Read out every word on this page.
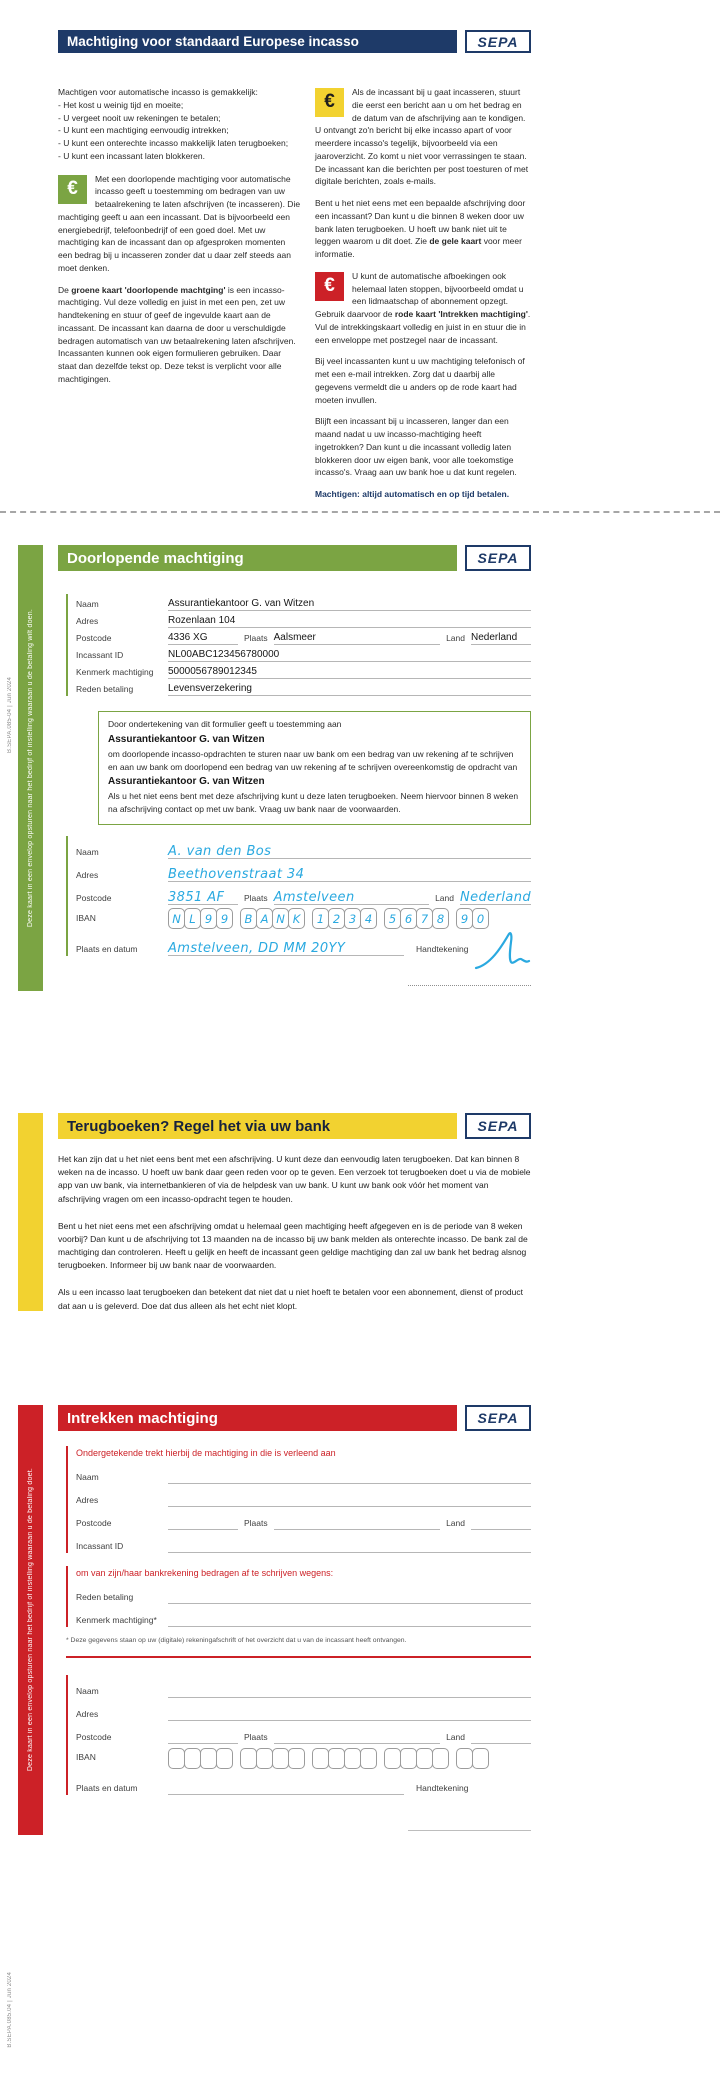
Machtiging voor standaard Europese incasso	SEPA
Machtigen voor automatische incasso is gemakkelijk:
- Het kost u weinig tijd en moeite;
- U vergeet nooit uw rekeningen te betalen;
- U kunt een machtiging eenvoudig intrekken;
- U kunt een onterechte incasso makkelijk laten terugboeken;
- U kunt een incassant laten blokkeren.

€	Met een doorlopende machtiging voor automatische incasso geeft u toestemming om bedragen van uw betaalrekening te laten afschrijven (te incasseren). Die machtiging geeft u aan een incassant. Dat is bijvoorbeeld een energiebedrijf, telefoonbedrijf of een goed doel. Met uw machtiging kan de incassant dan op afgesproken momenten een bedrag bij u incasseren zonder dat u daar zelf steeds aan moet denken.

De groene kaart 'doorlopende machtging' is een incasso-machtiging. Vul deze volledig en juist in met een pen, zet uw handtekening en stuur of geef de ingevulde kaart aan de incassant. De incassant kan daarna de door u verschuldigde bedragen automatisch van uw betaalrekening laten afschrijven. Incassanten kunnen ook eigen formulieren gebruiken. Daar staat dan dezelfde tekst op. Deze tekst is verplicht voor alle machtigingen.

€	Als de incassant bij u gaat incasseren, stuurt die eerst een bericht aan u om het bedrag en de datum van de afschrijving aan te kondigen. U ontvangt zo'n bericht bij elke incasso apart of voor meerdere incasso's tegelijk, bijvoorbeeld via een jaaroverzicht. Zo komt u niet voor verrassingen te staan. De incassant kan die berichten per post toesturen of met digitale berichten, zoals e-mails.

Bent u het niet eens met een bepaalde afschrijving door een incassant? Dan kunt u die binnen 8 weken door uw bank laten terugboeken. U hoeft uw bank niet uit te leggen waarom u dit doet. Zie de gele kaart voor meer informatie.

€	U kunt de automatische afboekingen ook helemaal laten stoppen, bijvoorbeeld omdat u een lidmaatschap of abonnement opzegt. Gebruik daarvoor de rode kaart 'Intrekken machtiging'. Vul de intrekkingskaart volledig en juist in en stuur die in een enveloppe met postzegel naar de incassant.

Bij veel incassanten kunt u uw machtiging telefonisch of met een e-mail intrekken. Zorg dat u daarbij alle gegevens vermeldt die u anders op de rode kaart had moeten invullen.

Blijft een incassant bij u incasseren, langer dan een maand nadat u uw incasso-machtiging heeft ingetrokken? Dan kunt u die incassant volledig laten blokkeren door uw eigen bank, voor alle toekomstige incasso's. Vraag aan uw bank hoe u dat kunt regelen.

Machtigen: altijd automatisch en op tijd betalen.

Deze kaart in een envelop opsturen naar het bedrijf of instelling waaraan u de betaling wilt doen.
B.SEPA.085-04 | Jun 2024
Doorlopende machtiging	SEPA
Naam	Assurantiekantoor G. van Witzen
Adres	Rozenlaan 104
Postcode	4336 XG	Plaats Aalsmeer	Land Nederland
Incassant ID	NL00ABC123456780000
Kenmerk machtiging	5000056789012345
Reden betaling	Levensverzekering
Door ondertekening van dit formulier geeft u toestemming aan
Assurantiekantoor G. van Witzen
om doorlopende incasso-opdrachten te sturen naar uw bank om een bedrag van uw rekening af te schrijven en aan uw bank om doorlopend een bedrag van uw rekening af te schrijven overeenkomstig de opdracht van
Assurantiekantoor G. van Witzen
Als u het niet eens bent met deze afschrijving kunt u deze laten terugboeken. Neem hiervoor binnen 8 weken na afschrijving contact op met uw bank. Vraag uw bank naar de voorwaarden.
Naam	A. van den Bos
Adres	Beethovenstraat 34
Postcode	3851 AF	Plaats Amstelveen	Land Nederland
IBAN	N L 9 9	B A N K	1 2 3 4	5 6 7 8	9 0
Plaats en datum	Amstelveen, DD MM 20YY	Handtekening
Terugboeken? Regel het via uw bank	SEPA

Het kan zijn dat u het niet eens bent met een afschrijving. U kunt deze dan eenvoudig laten terugboeken. Dat kan binnen 8 weken na de incasso. U hoeft uw bank daar geen reden voor op te geven. Een verzoek tot terugboeken doet u via de mobiele app van uw bank, via internetbankieren of via de helpdesk van uw bank. U kunt uw bank ook vóór het moment van afschrijving vragen om een incasso-opdracht tegen te houden.

Bent u het niet eens met een afschrijving omdat u helemaal geen machtiging heeft afgegeven en is de periode van 8 weken voorbij? Dan kunt u de afschrijving tot 13 maanden na de incasso bij uw bank melden als onterechte incasso. De bank zal de machtiging dan controleren. Heeft u gelijk en heeft de incassant geen geldige machtiging dan zal uw bank het bedrag alsnog terugboeken. Informeer bij uw bank naar de voorwaarden.

Als u een incasso laat terugboeken dan betekent dat niet dat u niet hoeft te betalen voor een abonnement, dienst of product dat aan u is geleverd. Doe dat dus alleen als het echt niet klopt.

Deze kaart in een envelop opsturen naar het bedrijf of instelling waaraan u de betaling doet.
Intrekken machtiging	SEPA
Ondergetekende trekt hierbij de machtiging in die is verleend aan
Naam
Adres
Postcode	Plaats	Land
Incassant ID
om van zijn/haar bankrekening bedragen af te schrijven wegens:
Reden betaling
Kenmerk machtiging*
* Deze gegevens staan op uw (digitale) rekeningafschrift of het overzicht dat u van de incassant heeft ontvangen.
Naam
Adres
Postcode	Plaats	Land
IBAN
Plaats en datum	Handtekening
B.SEPA.085.04 | Jun 2024
